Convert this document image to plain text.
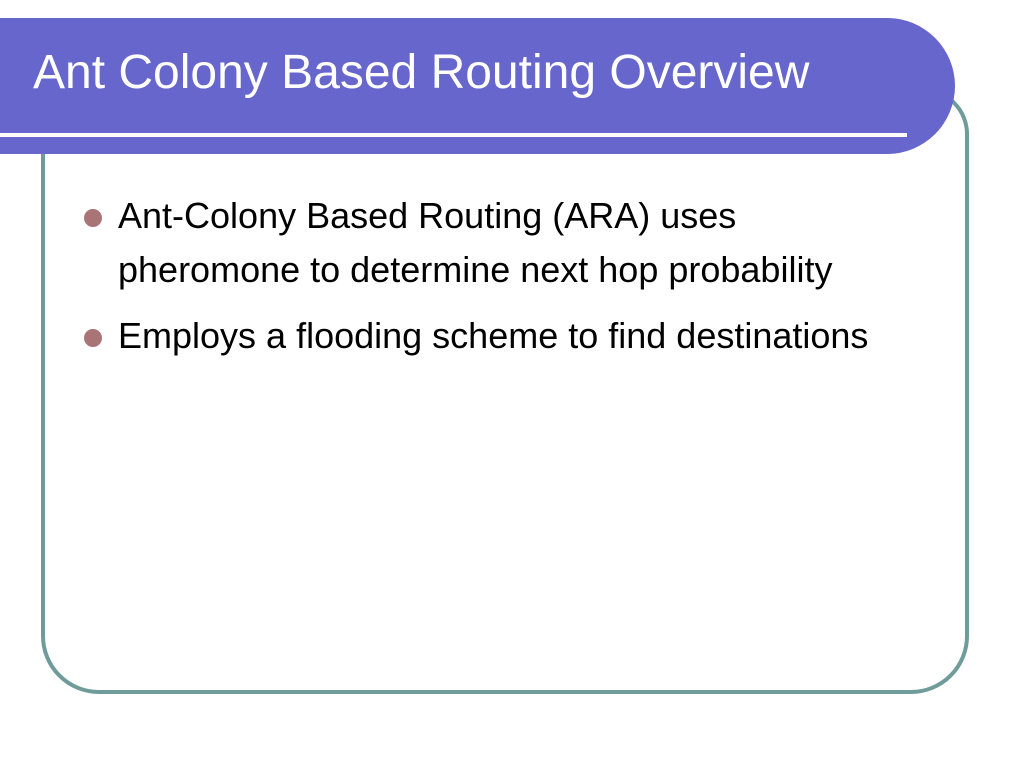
Ant Colony Based Routing Overview
Ant-Colony Based Routing (ARA) uses pheromone to determine next hop probability
Employs a flooding scheme to find destinations
